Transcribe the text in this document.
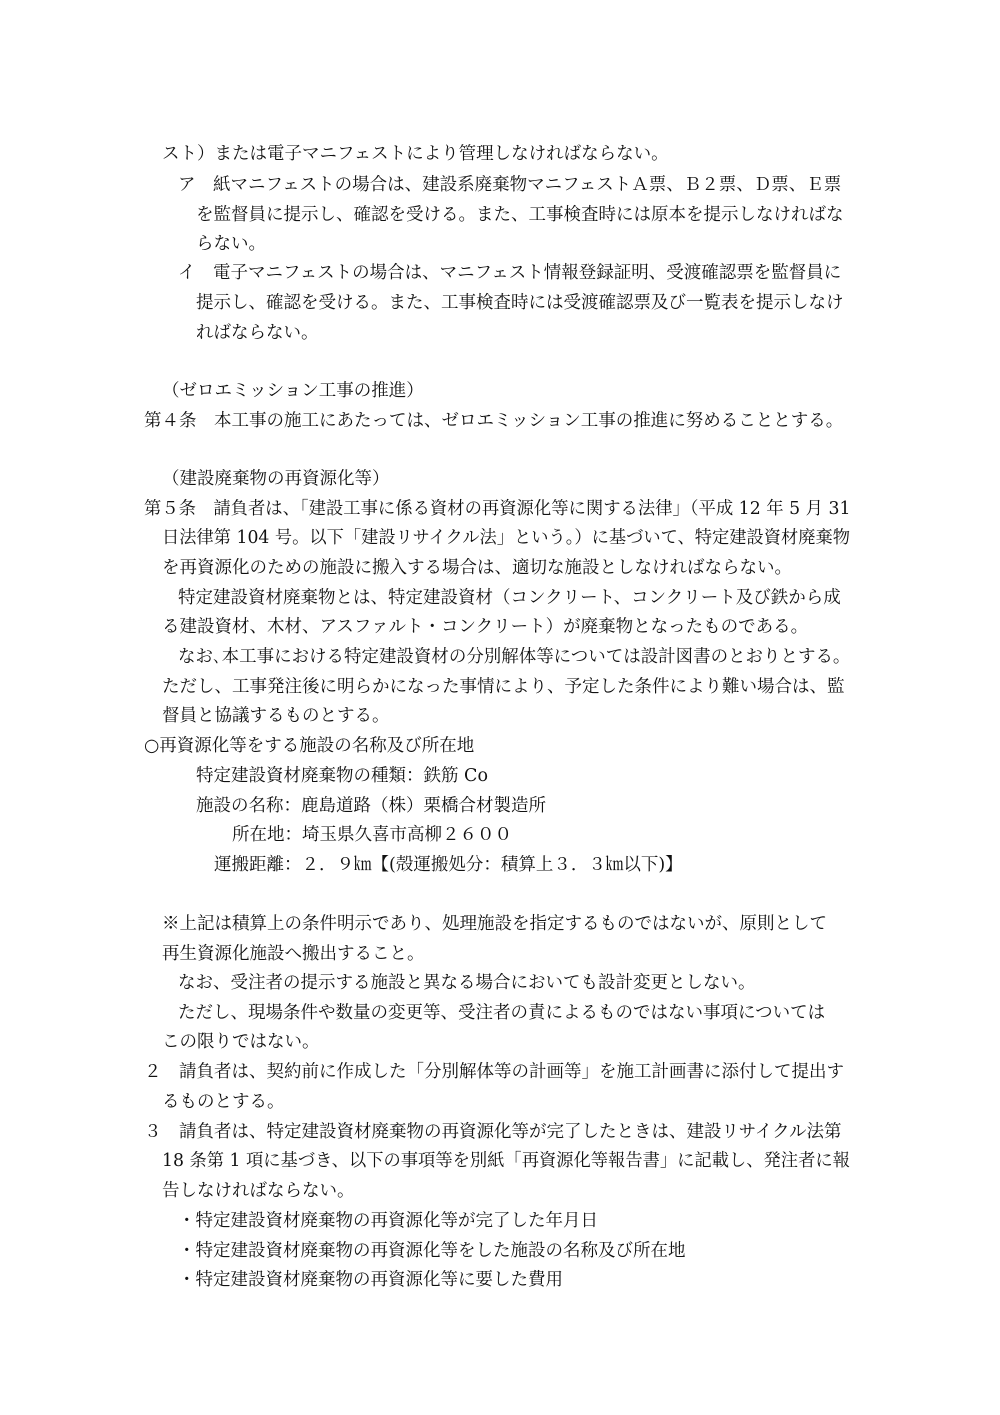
スト）または電子マニフェストにより管理しなければならない。
ア　紙マニフェストの場合は、建設系廃棄物マニフェストＡ票、Ｂ２票、Ｄ票、Ｅ票
を監督員に提示し、確認を受ける。また、工事検査時には原本を提示しなければな
らない。
イ　電子マニフェストの場合は、マニフェスト情報登録証明、受渡確認票を監督員に
提示し、確認を受ける。また、工事検査時には受渡確認票及び一覧表を提示しなけ
ればならない。
（ゼロエミッション工事の推進）
第４条　本工事の施工にあたっては、ゼロエミッション工事の推進に努めることとする。
（建設廃棄物の再資源化等）
第５条　請負者は、「建設工事に係る資材の再資源化等に関する法律」（平成 12 年 5 月 31
日法律第 104 号。以下「建設リサイクル法」という。）に基づいて、特定建設資材廃棄物
を再資源化のための施設に搬入する場合は、適切な施設としなければならない。
特定建設資材廃棄物とは、特定建設資材（コンクリート、コンクリート及び鉄から成
る建設資材、木材、アスファルト・コンクリート）が廃棄物となったものである。
なお､本工事における特定建設資材の分別解体等については設計図書のとおりとする。
ただし、工事発注後に明らかになった事情により、予定した条件により難い場合は、監
督員と協議するものとする。
○再資源化等をする施設の名称及び所在地
特定建設資材廃棄物の種類：鉄筋 Co
施設の名称：鹿島道路（株）栗橋合材製造所
所在地：埼玉県久喜市高柳２６００
運搬距離：２．９㎞【(殻運搬処分：積算上３．３㎞以下)】
※上記は積算上の条件明示であり、処理施設を指定するものではないが、原則として
再生資源化施設へ搬出すること。
なお、受注者の提示する施設と異なる場合においても設計変更としない。
ただし、現場条件や数量の変更等、受注者の責によるものではない事項については
この限りではない。
２　請負者は、契約前に作成した「分別解体等の計画等」を施工計画書に添付して提出す
るものとする。
３　請負者は、特定建設資材廃棄物の再資源化等が完了したときは、建設リサイクル法第
18 条第 1 項に基づき、以下の事項等を別紙「再資源化等報告書」に記載し、発注者に報
告しなければならない。
・特定建設資材廃棄物の再資源化等が完了した年月日
・特定建設資材廃棄物の再資源化等をした施設の名称及び所在地
・特定建設資材廃棄物の再資源化等に要した費用
